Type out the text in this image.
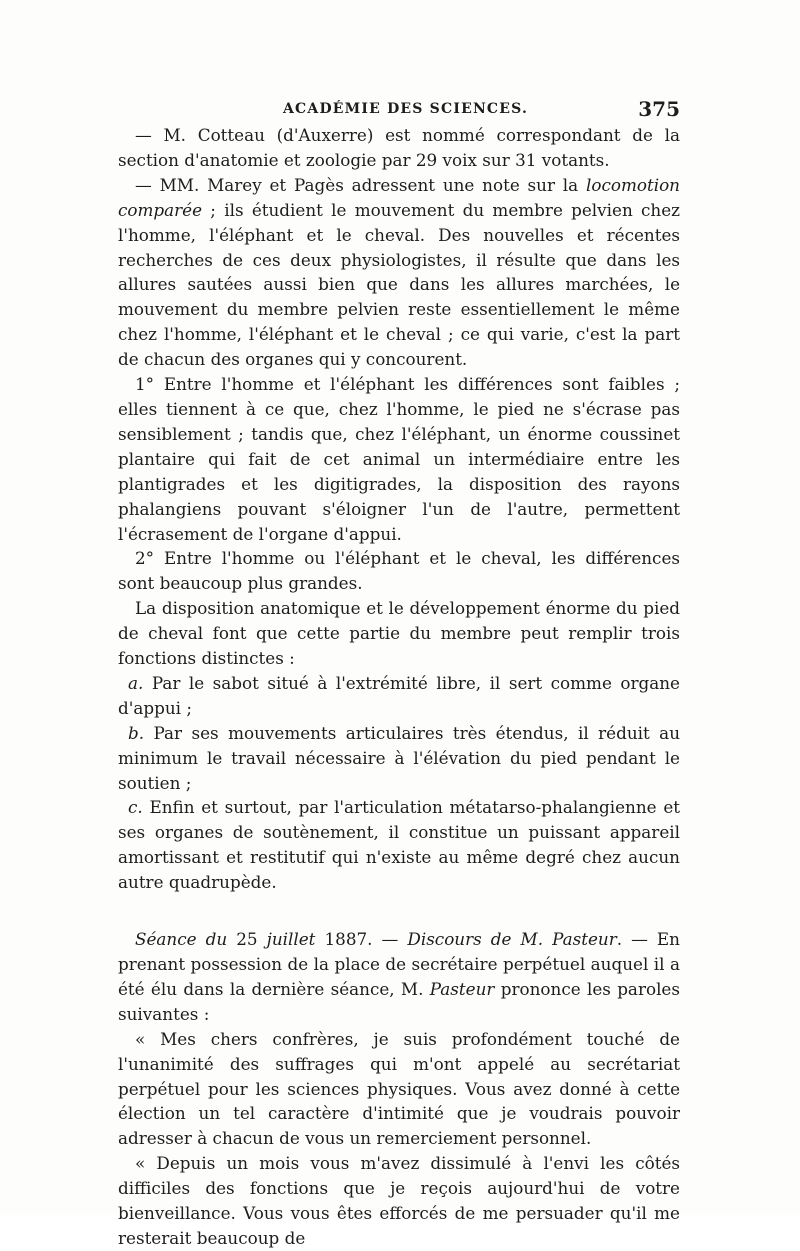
ACADÉMIE DES SCIENCES.	375

— M. Cotteau (d'Auxerre) est nommé correspondant de la section d'anatomie et zoologie par 29 voix sur 31 votants.

— MM. Marey et Pagès adressent une note sur la locomotion comparée ; ils étudient le mouvement du membre pelvien chez l'homme, l'éléphant et le cheval. Des nouvelles et récentes recherches de ces deux physiologistes, il résulte que dans les allures sautées aussi bien que dans les allures marchées, le mouvement du membre pelvien reste essentiellement le même chez l'homme, l'éléphant et le cheval ; ce qui varie, c'est la part de chacun des organes qui y concourent.

1° Entre l'homme et l'éléphant les différences sont faibles ; elles tiennent à ce que, chez l'homme, le pied ne s'écrase pas sensiblement ; tandis que, chez l'éléphant, un énorme coussinet plantaire qui fait de cet animal un intermédiaire entre les plantigrades et les digitigrades, la disposition des rayons phalangiens pouvant s'éloigner l'un de l'autre, permettent l'écrasement de l'organe d'appui.

2° Entre l'homme ou l'éléphant et le cheval, les différences sont beaucoup plus grandes.

La disposition anatomique et le développement énorme du pied de cheval font que cette partie du membre peut remplir trois fonctions distinctes :

a. Par le sabot situé à l'extrémité libre, il sert comme organe d'appui ;

b. Par ses mouvements articulaires très étendus, il réduit au minimum le travail nécessaire à l'élévation du pied pendant le soutien ;

c. Enfin et surtout, par l'articulation métatarso-phalangienne et ses organes de soutènement, il constitue un puissant appareil amortissant et restitutif qui n'existe au même degré chez aucun autre quadrupède.

Séance du 25 juillet 1887. — Discours de M. Pasteur. — En prenant possession de la place de secrétaire perpétuel auquel il a été élu dans la dernière séance, M. Pasteur prononce les paroles suivantes :

« Mes chers confrères, je suis profondément touché de l'unanimité des suffrages qui m'ont appelé au secrétariat perpétuel pour les sciences physiques. Vous avez donné à cette élection un tel caractère d'intimité que je voudrais pouvoir adresser à chacun de vous un remerciement personnel.

« Depuis un mois vous m'avez dissimulé à l'envi les côtés difficiles des fonctions que je reçois aujourd'hui de votre bienveillance. Vous vous êtes efforcés de me persuader qu'il me resterait beaucoup de
